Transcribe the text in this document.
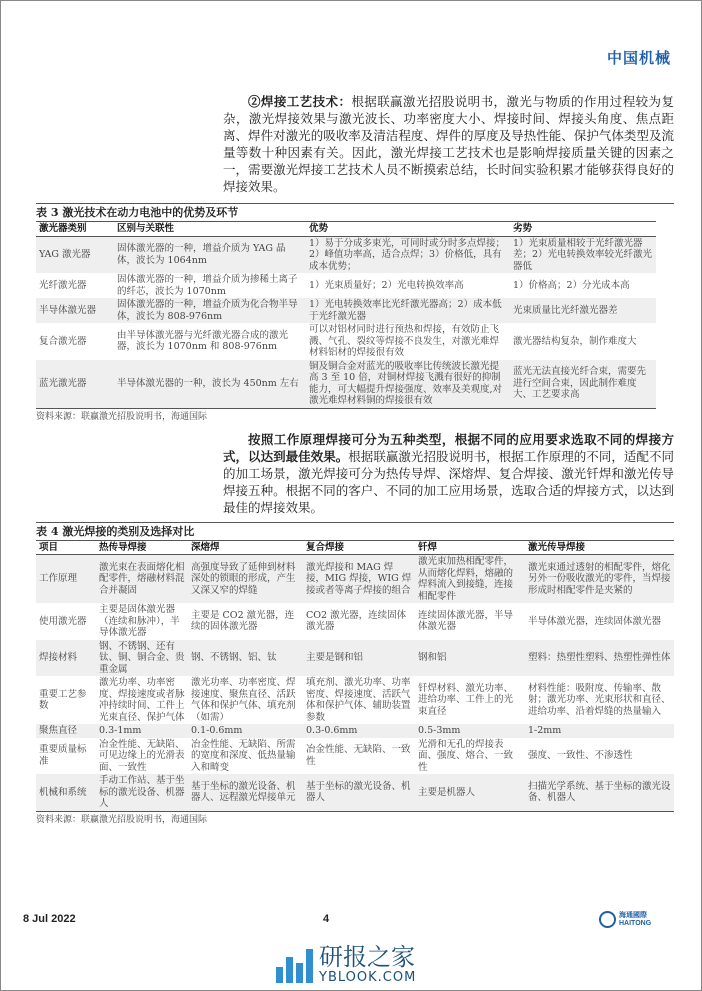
中国机械

②焊接工艺技术：根据联赢激光招股说明书，激光与物质的作用过程较为复杂，激光焊接效果与激光波长、功率密度大小、焊接时间、焊接头角度、焦点距离、焊件对激光的吸收率及清洁程度、焊件的厚度及导热性能、保护气体类型及流量等数十种因素有关。因此，激光焊接工艺技术也是影响焊接质量关键的因素之一，需要激光焊接工艺技术人员不断摸索总结，长时间实验积累才能够获得良好的焊接效果。

表 3 激光技术在动力电池中的优势及环节
激光器类别	区别与关联性	优势	劣势
YAG 激光器	固体激光器的一种，增益介质为 YAG 晶体，波长为 1064nm	1）易于分成多束光，可同时或分时多点焊接；2）峰值功率高，适合点焊；3）价格低，具有成本优势；	1）光束质量相较于光纤激光器差；2）光电转换效率较光纤激光器低
光纤激光器	固体激光器的一种，增益介质为掺稀土离子的纤芯，波长为 1070nm	1）光束质量好；2）光电转换效率高	1）价格高；2）分光成本高
半导体激光器	固体激光器的一种，增益介质为化合物半导体，波长为 808-976nm	1）光电转换效率比光纤激光器高；2）成本低于光纤激光器	光束质量比光纤激光器差
复合激光器	由半导体激光器与光纤激光器合成的激光器，波长为 1070nm 和 808-976nm	可以对铝材同时进行预热和焊接，有效防止飞溅、气孔、裂纹等焊接不良发生，对激光难焊材料铝材的焊接很有效	激光器结构复杂，制作难度大
蓝光激光器	半导体激光器的一种，波长为 450nm 左右	铜及铜合金对蓝光的吸收率比传统波长激光提高 3 至 10 倍，对铜材焊接飞溅有很好的抑制能力，可大幅提升焊接强度、效率及美观度,对激光难焊材料铜的焊接很有效	蓝光无法直接光纤合束，需要先进行空间合束，因此制作难度大、工艺要求高
资料来源：联赢激光招股说明书，海通国际

按照工作原理焊接可分为五种类型，根据不同的应用要求选取不同的焊接方式，以达到最佳效果。根据联赢激光招股说明书，根据工作原理的不同，适配不同的加工场景，激光焊接可分为热传导焊、深熔焊、复合焊接、激光钎焊和激光传导焊接五种。根据不同的客户、不同的加工应用场景，选取合适的焊接方式，以达到最佳的焊接效果。

表 4 激光焊接的类别及选择对比
项目	热传导焊接	深熔焊	复合焊接	钎焊	激光传导焊接
工作原理	激光束在表面熔化相配零件，熔融材料混合并凝固	高强度导致了延伸到材料深处的锁眼的形成，产生又深又窄的焊缝	激光焊接和 MAG 焊接，MIG 焊接，WIG 焊接或者等离子焊接的组合	激光束加热相配零件，从而熔化焊料，熔融的焊料流入到接缝，连接相配零件	激光束通过透射的相配零件，熔化另外一份吸收激光的零件，当焊接形成时相配零件是夹紧的
使用激光器	主要是固体激光器（连续和脉冲），半导体激光器	主要是 CO2 激光器，连续的固体激光器	CO2 激光器，连续固体激光器	连续固体激光器，半导体激光器	半导体激光器，连续固体激光器
焊接材料	钢、不锈钢、还有钛、铜、铜合金、贵重金属	钢、不锈钢、铝、钛	主要是钢和铝	钢和铝	塑料：热塑性塑料、热塑性弹性体
重要工艺参数	激光功率、功率密度、焊接速度或者脉冲持续时间、工件上光束直径、保护气体	激光功率、功率密度、焊接速度、聚焦直径、活跃气体和保护气体、填充剂（如需）	填充剂、激光功率、功率密度、焊接速度、活跃气体和保护气体、辅助装置参数	钎焊材料、激光功率、进给功率、工件上的光束直径	材料性能：吸附度、传输率、散射；激光功率、光束形状和直径、进给功率、沿着焊缝的热量输入
聚焦直径	0.3-1mm	0.1-0.6mm	0.3-0.6mm	0.5-3mm	1-2mm
重要质量标准	冶金性能、无缺陷、可见边缘上的光滑表面、一致性	冶金性能、无缺陷、所需的宽度和深度、低热量输入和畸变	冶金性能、无缺陷、一致性	光滑和无孔的焊接表面、强度、熔合、一致性	强度、一致性、不渗透性
机械和系统	手动工作站、基于坐标的激光设备、机器人	基于坐标的激光设备、机器人、远程激光焊接单元	基于坐标的激光设备、机器人	主要是机器人	扫描光学系统、基于坐标的激光设备、机器人
资料来源：联赢激光招股说明书，海通国际
8 Jul 2022	4	海通國際
HAITONG
研报之家
YBLOOK.COM
